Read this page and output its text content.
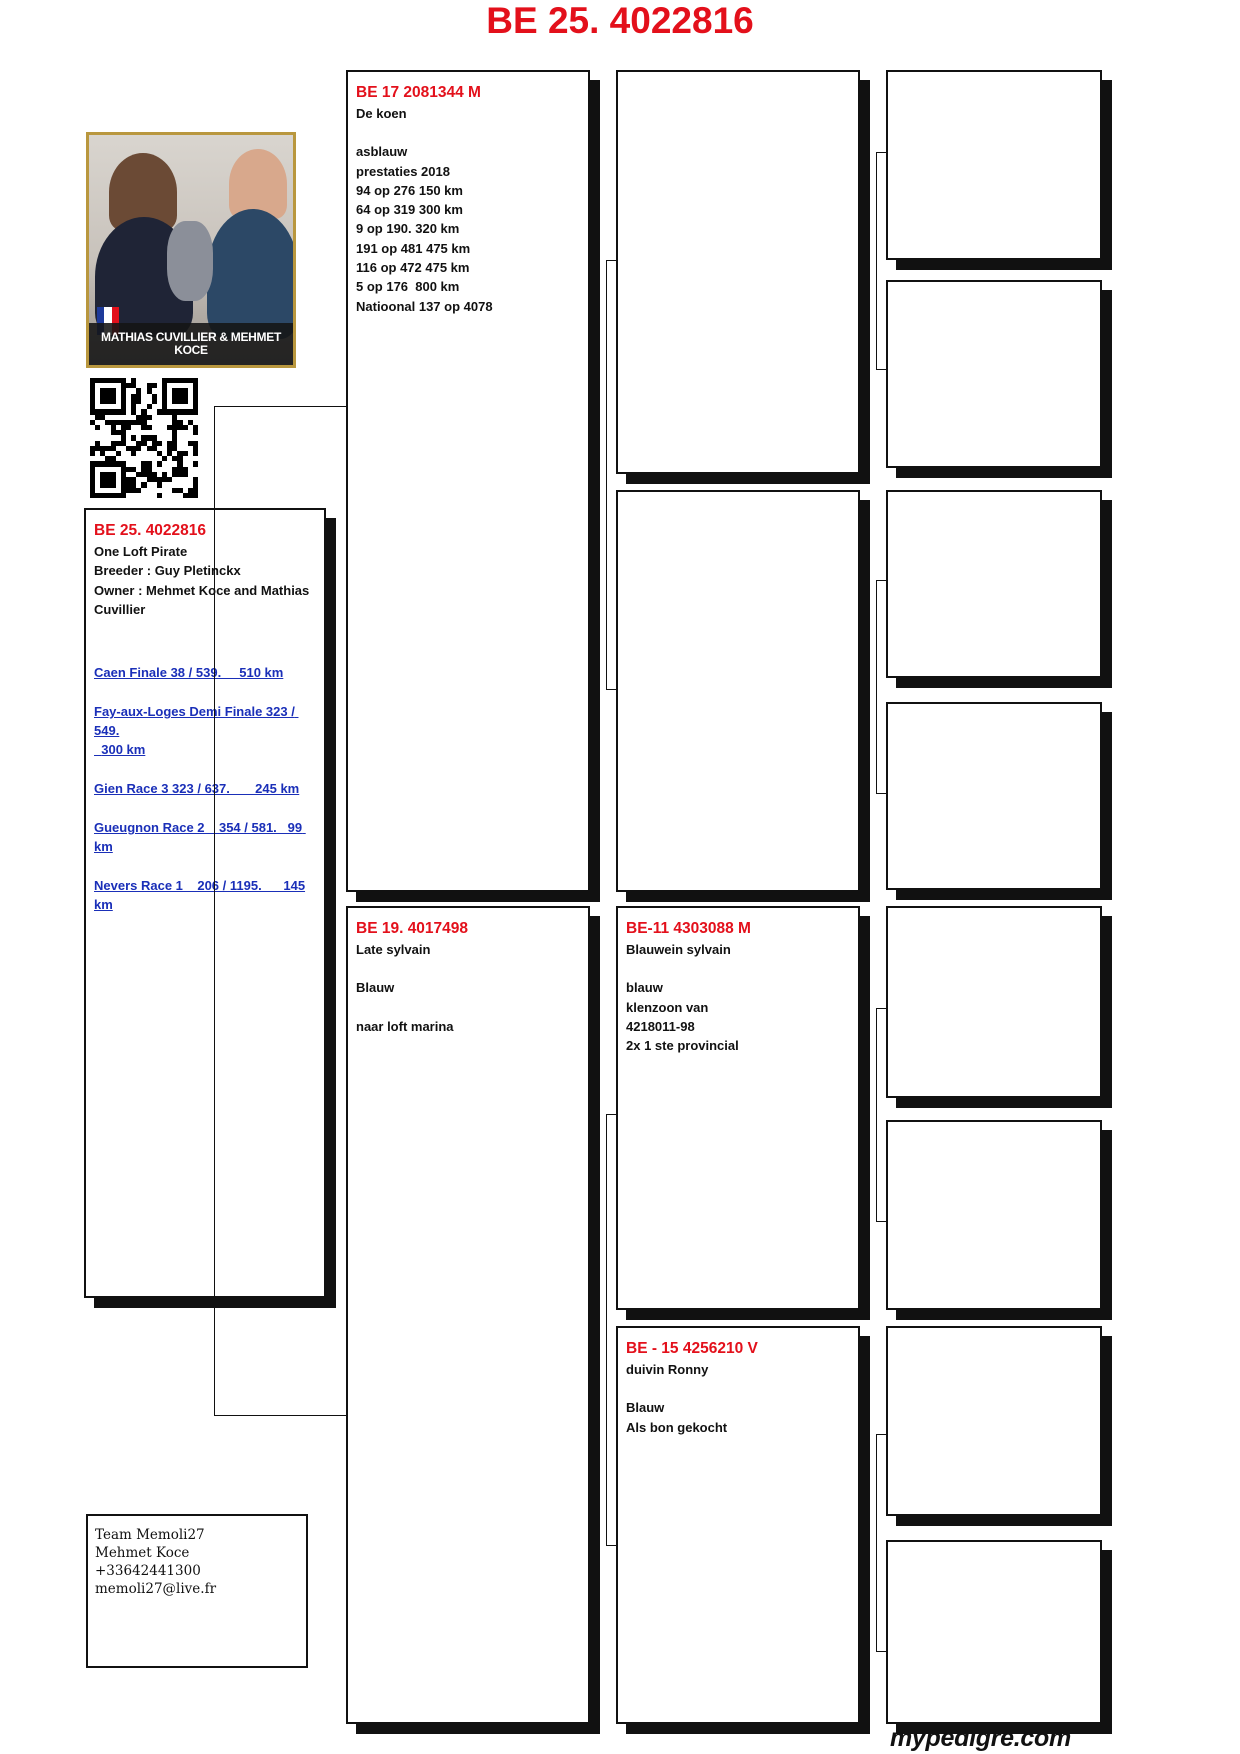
BE 25. 4022816
MATHIAS CUVILLIER & MEHMET KOCE
BE 25. 4022816
One Loft Pirate
Breeder : Guy Pletinckx
Owner : Mehmet Koce and Mathias Cuvillier
Caen Finale 38 / 539.     510 km
Fay-aux-Loges Demi Finale 323 / 549.
300 km
Gien Race 3 323 / 637.       245 km
Gueugnon Race 2    354 / 581.   99 km
Nevers Race 1    206 / 1195.      145
km
BE 17 2081344 M
De koen
asblauw
prestaties 2018
94 op 276 150 km
64 op 319 300 km
9 op 190. 320 km
191 op 481 475 km
116 op 472 475 km
5 op 176  800 km
Natioonal 137 op 4078
BE 19. 4017498
Late sylvain
Blauw
naar loft marina
BE-11 4303088 M
Blauwein sylvain
blauw
klenzoon van
4218011-98
2x 1 ste provincial
BE - 15 4256210 V
duivin Ronny
Blauw
Als bon gekocht
Team Memoli27
Mehmet Koce
+33642441300
memoli27@live.fr
mypedigre.com
